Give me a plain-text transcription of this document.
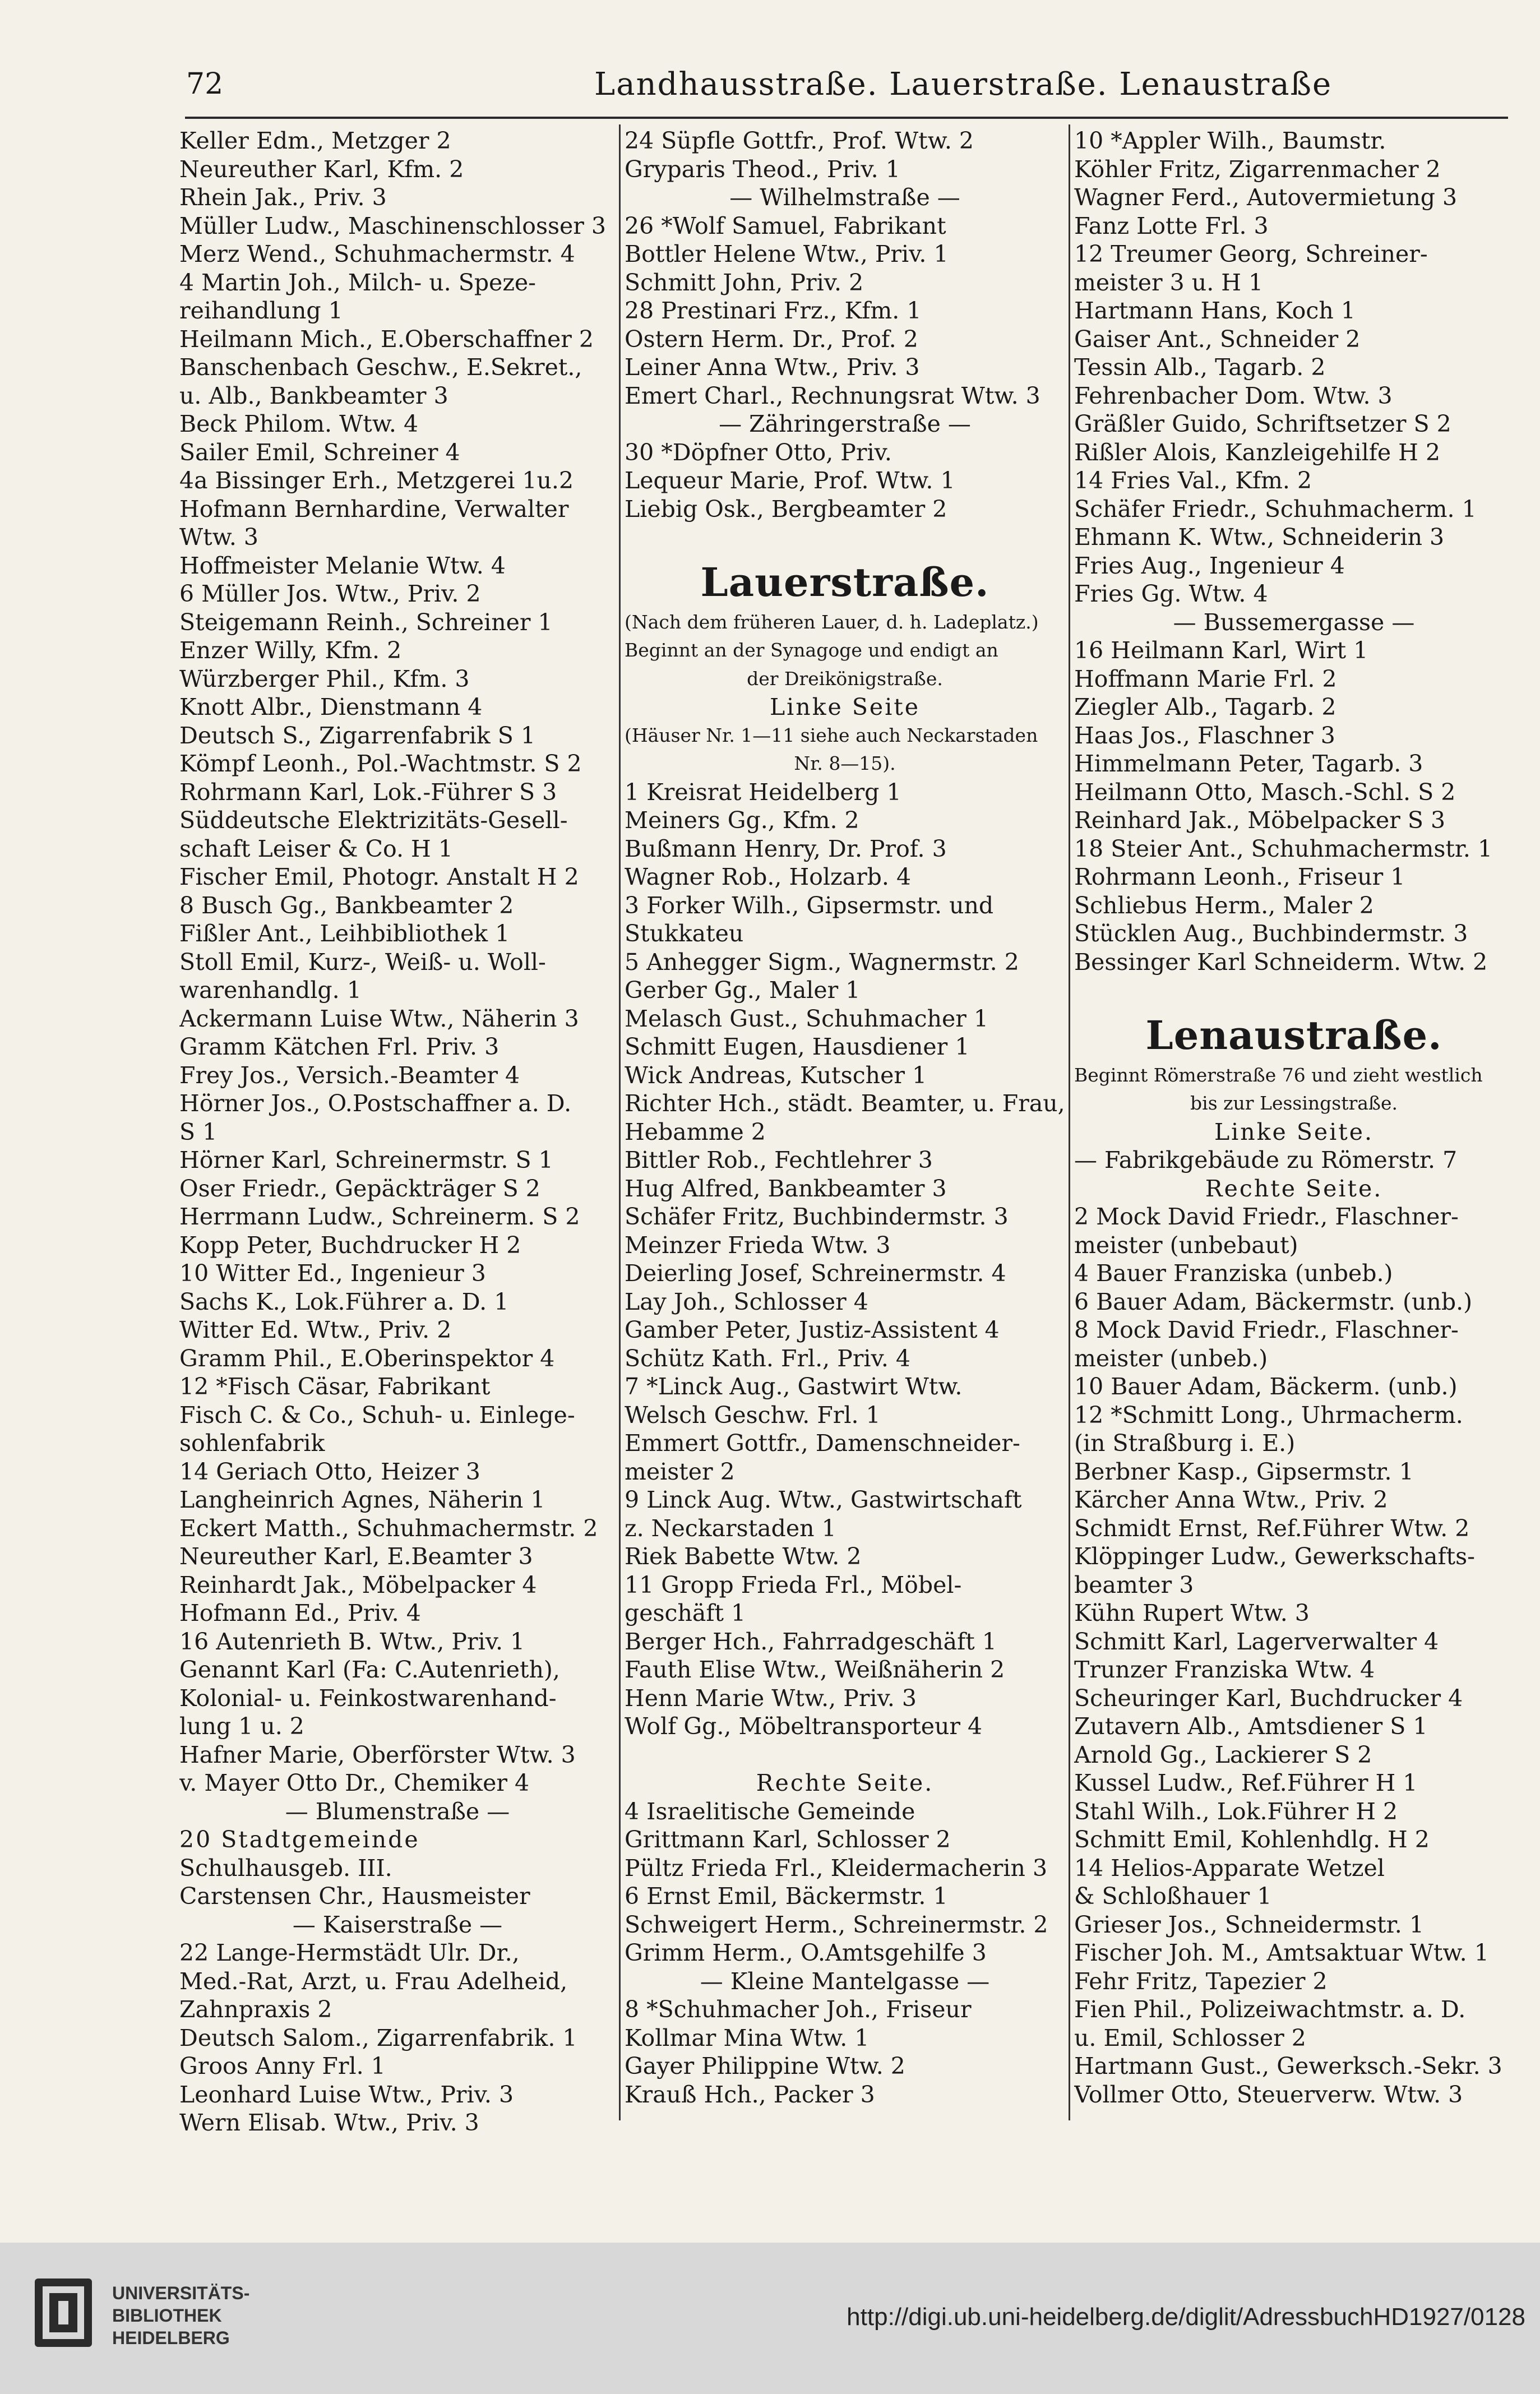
72	Landhausstraße. Lauerstraße. Lenaustraße
Keller Edm., Metzger 2
Neureuther Karl, Kfm. 2
Rhein Jak., Priv. 3
Müller Ludw., Maschinenschlosser 3
Merz Wend., Schuhmachermstr. 4
4 Martin Joh., Milch- u. Speze-
reihandlung 1
Heilmann Mich., E.Oberschaffner 2
Banschenbach Geschw., E.Sekret.,
u. Alb., Bankbeamter 3
Beck Philom. Wtw. 4
Sailer Emil, Schreiner 4
4a Bissinger Erh., Metzgerei 1u.2
Hofmann Bernhardine, Verwalter
Wtw. 3
Hoffmeister Melanie Wtw. 4
6 Müller Jos. Wtw., Priv. 2
Steigemann Reinh., Schreiner 1
Enzer Willy, Kfm. 2
Würzberger Phil., Kfm. 3
Knott Albr., Dienstmann 4
Deutsch S., Zigarrenfabrik S 1
Kömpf Leonh., Pol.-Wachtmstr. S 2
Rohrmann Karl, Lok.-Führer S 3
Süddeutsche Elektrizitäts-Gesell-
schaft Leiser & Co. H 1
Fischer Emil, Photogr. Anstalt H 2
8 Busch Gg., Bankbeamter 2
Fißler Ant., Leihbibliothek 1
Stoll Emil, Kurz-, Weiß- u. Woll-
warenhandlg. 1
Ackermann Luise Wtw., Näherin 3
Gramm Kätchen Frl. Priv. 3
Frey Jos., Versich.-Beamter 4
Hörner Jos., O.Postschaffner a. D.
S 1
Hörner Karl, Schreinermstr. S 1
Oser Friedr., Gepäckträger S 2
Herrmann Ludw., Schreinerm. S 2
Kopp Peter, Buchdrucker H 2
10 Witter Ed., Ingenieur 3
Sachs K., Lok.Führer a. D. 1
Witter Ed. Wtw., Priv. 2
Gramm Phil., E.Oberinspektor 4
12 *Fisch Cäsar, Fabrikant
Fisch C. & Co., Schuh- u. Einlege-
sohlenfabrik
14 Geriach Otto, Heizer 3
Langheinrich Agnes, Näherin 1
Eckert Matth., Schuhmachermstr. 2
Neureuther Karl, E.Beamter 3
Reinhardt Jak., Möbelpacker 4
Hofmann Ed., Priv. 4
16 Autenrieth B. Wtw., Priv. 1
Genannt Karl (Fa: C.Autenrieth),
Kolonial- u. Feinkostwarenhand-
lung 1 u. 2
Hafner Marie, Oberförster Wtw. 3
v. Mayer Otto Dr., Chemiker 4
— Blumenstraße —
20 Stadtgemeinde
Schulhausgeb. III.
Carstensen Chr., Hausmeister
— Kaiserstraße —
22 Lange-Hermstädt Ulr. Dr.,
Med.-Rat, Arzt, u. Frau Adelheid,
Zahnpraxis 2
Deutsch Salom., Zigarrenfabrik. 1
Groos Anny Frl. 1
Leonhard Luise Wtw., Priv. 3
Wern Elisab. Wtw., Priv. 3
24 Süpfle Gottfr., Prof. Wtw. 2
Gryparis Theod., Priv. 1
— Wilhelmstraße —
26 *Wolf Samuel, Fabrikant
Bottler Helene Wtw., Priv. 1
Schmitt John, Priv. 2
28 Prestinari Frz., Kfm. 1
Ostern Herm. Dr., Prof. 2
Leiner Anna Wtw., Priv. 3
Emert Charl., Rechnungsrat Wtw. 3
— Zähringerstraße —
30 *Döpfner Otto, Priv.
Lequeur Marie, Prof. Wtw. 1
Liebig Osk., Bergbeamter 2
Lauerstraße.
(Nach dem früheren Lauer, d. h. Ladeplatz.)
Beginnt an der Synagoge und endigt an
der Dreikönigstraße.
Linke Seite
(Häuser Nr. 1—11 siehe auch Neckarstaden
Nr. 8—15).
1 Kreisrat Heidelberg 1
Meiners Gg., Kfm. 2
Bußmann Henry, Dr. Prof. 3
Wagner Rob., Holzarb. 4
3 Forker Wilh., Gipsermstr. und
Stukkateu
5 Anhegger Sigm., Wagnermstr. 2
Gerber Gg., Maler 1
Melasch Gust., Schuhmacher 1
Schmitt Eugen, Hausdiener 1
Wick Andreas, Kutscher 1
Richter Hch., städt. Beamter, u. Frau,
Hebamme 2
Bittler Rob., Fechtlehrer 3
Hug Alfred, Bankbeamter 3
Schäfer Fritz, Buchbindermstr. 3
Meinzer Frieda Wtw. 3
Deierling Josef, Schreinermstr. 4
Lay Joh., Schlosser 4
Gamber Peter, Justiz-Assistent 4
Schütz Kath. Frl., Priv. 4
7 *Linck Aug., Gastwirt Wtw.
Welsch Geschw. Frl. 1
Emmert Gottfr., Damenschneider-
meister 2
9 Linck Aug. Wtw., Gastwirtschaft
z. Neckarstaden 1
Riek Babette Wtw. 2
11 Gropp Frieda Frl., Möbel-
geschäft 1
Berger Hch., Fahrradgeschäft 1
Fauth Elise Wtw., Weißnäherin 2
Henn Marie Wtw., Priv. 3
Wolf Gg., Möbeltransporteur 4
Rechte Seite.
4 Israelitische Gemeinde
Grittmann Karl, Schlosser 2
Pültz Frieda Frl., Kleidermacherin 3
6 Ernst Emil, Bäckermstr. 1
Schweigert Herm., Schreinermstr. 2
Grimm Herm., O.Amtsgehilfe 3
— Kleine Mantelgasse —
8 *Schuhmacher Joh., Friseur
Kollmar Mina Wtw. 1
Gayer Philippine Wtw. 2
Krauß Hch., Packer 3
10 *Appler Wilh., Baumstr.
Köhler Fritz, Zigarrenmacher 2
Wagner Ferd., Autovermietung 3
Fanz Lotte Frl. 3
12 Treumer Georg, Schreiner-
meister 3 u. H 1
Hartmann Hans, Koch 1
Gaiser Ant., Schneider 2
Tessin Alb., Tagarb. 2
Fehrenbacher Dom. Wtw. 3
Gräßler Guido, Schriftsetzer S 2
Rißler Alois, Kanzleigehilfe H 2
14 Fries Val., Kfm. 2
Schäfer Friedr., Schuhmacherm. 1
Ehmann K. Wtw., Schneiderin 3
Fries Aug., Ingenieur 4
Fries Gg. Wtw. 4
— Bussemergasse —
16 Heilmann Karl, Wirt 1
Hoffmann Marie Frl. 2
Ziegler Alb., Tagarb. 2
Haas Jos., Flaschner 3
Himmelmann Peter, Tagarb. 3
Heilmann Otto, Masch.-Schl. S 2
Reinhard Jak., Möbelpacker S 3
18 Steier Ant., Schuhmachermstr. 1
Rohrmann Leonh., Friseur 1
Schliebus Herm., Maler 2
Stücklen Aug., Buchbindermstr. 3
Bessinger Karl Schneiderm. Wtw. 2
Lenaustraße.
Beginnt Römerstraße 76 und zieht westlich
bis zur Lessingstraße.
Linke Seite.
— Fabrikgebäude zu Römerstr. 7
Rechte Seite.
2 Mock David Friedr., Flaschner-
meister (unbebaut)
4 Bauer Franziska (unbeb.)
6 Bauer Adam, Bäckermstr. (unb.)
8 Mock David Friedr., Flaschner-
meister (unbeb.)
10 Bauer Adam, Bäckerm. (unb.)
12 *Schmitt Long., Uhrmacherm.
(in Straßburg i. E.)
Berbner Kasp., Gipsermstr. 1
Kärcher Anna Wtw., Priv. 2
Schmidt Ernst, Ref.Führer Wtw. 2
Klöppinger Ludw., Gewerkschafts-
beamter 3
Kühn Rupert Wtw. 3
Schmitt Karl, Lagerverwalter 4
Trunzer Franziska Wtw. 4
Scheuringer Karl, Buchdrucker 4
Zutavern Alb., Amtsdiener S 1
Arnold Gg., Lackierer S 2
Kussel Ludw., Ref.Führer H 1
Stahl Wilh., Lok.Führer H 2
Schmitt Emil, Kohlenhdlg. H 2
14 Helios-Apparate Wetzel
& Schloßhauer 1
Grieser Jos., Schneidermstr. 1
Fischer Joh. M., Amtsaktuar Wtw. 1
Fehr Fritz, Tapezier 2
Fien Phil., Polizeiwachtmstr. a. D.
u. Emil, Schlosser 2
Hartmann Gust., Gewerksch.-Sekr. 3
Vollmer Otto, Steuerverw. Wtw. 3
UNIVERSITÄTS-
BIBLIOTHEK
HEIDELBERG
http://digi.ub.uni-heidelberg.de/diglit/AdressbuchHD1927/0128
